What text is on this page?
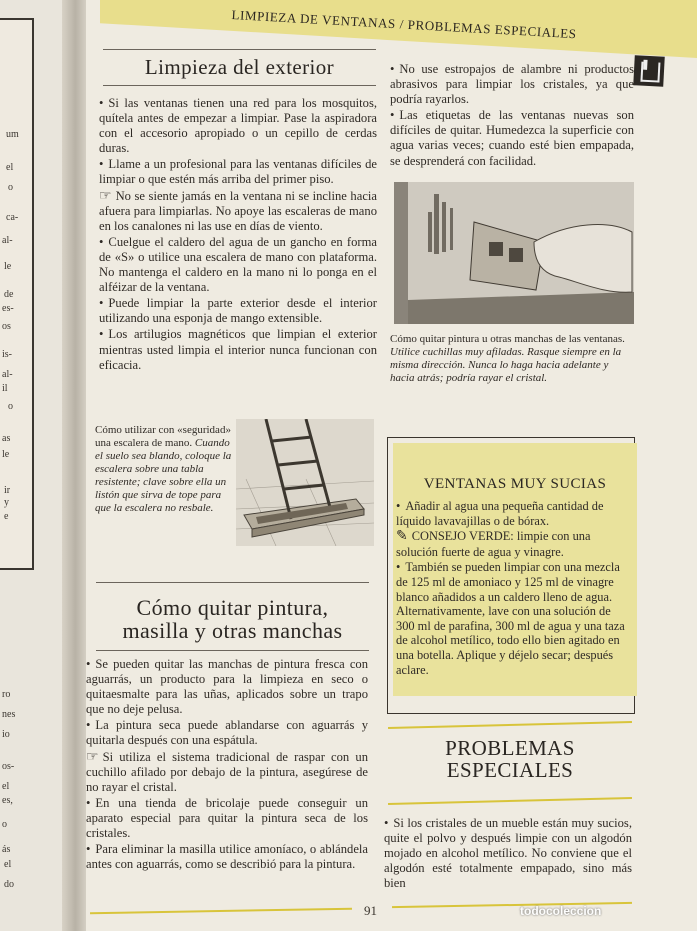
um
el
o
ca-
al-
le
de
es-
os
is-
al-
il
o
as
le
ir
y
e
ro
nes
io
os-
el
es,
o
ás
el
do
LIMPIEZA DE VENTANAS / PROBLEMAS ESPECIALES
Limpieza del exterior

• Si las ventanas tienen una red para los mosquitos, quítela antes de empezar a limpiar. Pase la aspiradora con el accesorio apropiado o un cepillo de cerdas duras.

• Llame a un profesional para las ventanas difíciles de limpiar o que estén más arriba del primer piso.

☞ No se siente jamás en la ventana ni se incline hacia afuera para limpiarlas. No apoye las escaleras de mano en los canalones ni las use en días de viento.

• Cuelgue el caldero del agua de un gancho en forma de «S» o utilice una escalera de mano con plataforma. No mantenga el caldero en la mano ni lo ponga en el alféizar de la ventana.

• Puede limpiar la parte exterior desde el interior utilizando una esponja de mango extensible.

• Los artilugios magnéticos que limpian el exterior mientras usted limpia el interior nunca funcionan con eficacia.

Cómo utilizar con «seguridad» una escalera de mano. Cuando el suelo sea blando, coloque la escalera sobre una tabla resistente; clave sobre ella un listón que sirva de tope para que la escalera no resbale.
Cómo quitar pintura,
masilla y otras manchas

• Se pueden quitar las manchas de pintura fresca con aguarrás, un producto para la limpieza en seco o quitaesmalte para las uñas, aplicados sobre un trapo que no deje pelusa.

• La pintura seca puede ablandarse con aguarrás y quitarla después con una espátula.

☞ Si utiliza el sistema tradicional de raspar con un cuchillo afilado por debajo de la pintura, asegúrese de no rayar el cristal.

• En una tienda de bricolaje puede conseguir un aparato especial para quitar la pintura seca de los cristales.

• Para eliminar la masilla utilice amoníaco, o ablándela antes con aguarrás, como se describió para la pintura.

• No use estropajos de alambre ni productos abrasivos para limpiar los cristales, ya que podría rayarlos.

• Las etiquetas de las ventanas nuevas son difíciles de quitar. Humedezca la superficie con agua varias veces; cuando esté bien empapada, se desprenderá con facilidad.

Cómo quitar pintura u otras manchas de las ventanas. Utilice cuchillas muy afiladas. Rasque siempre en la misma dirección. Nunca lo haga hacia adelante y hacia atrás; podría rayar el cristal.
VENTANAS MUY SUCIAS

• Añadir al agua una pequeña cantidad de líquido lavavajillas o de bórax.

✎ CONSEJO VERDE: limpie con una solución fuerte de agua y vinagre.

• También se pueden limpiar con una mezcla de 125 ml de amoniaco y 125 ml de vinagre blanco añadidos a un caldero lleno de agua. Alternativamente, lave con una solución de 300 ml de parafina, 300 ml de agua y una taza de alcohol metílico, todo ello bien agitado en una botella. Aplique y déjelo secar; después aclare.

PROBLEMAS
ESPECIALES

• Si los cristales de un mueble están muy sucios, quite el polvo y después limpie con un algodón mojado en alcohol metílico. No conviene que el algodón esté totalmente empapado, sino más bien

91	todocoleccion
